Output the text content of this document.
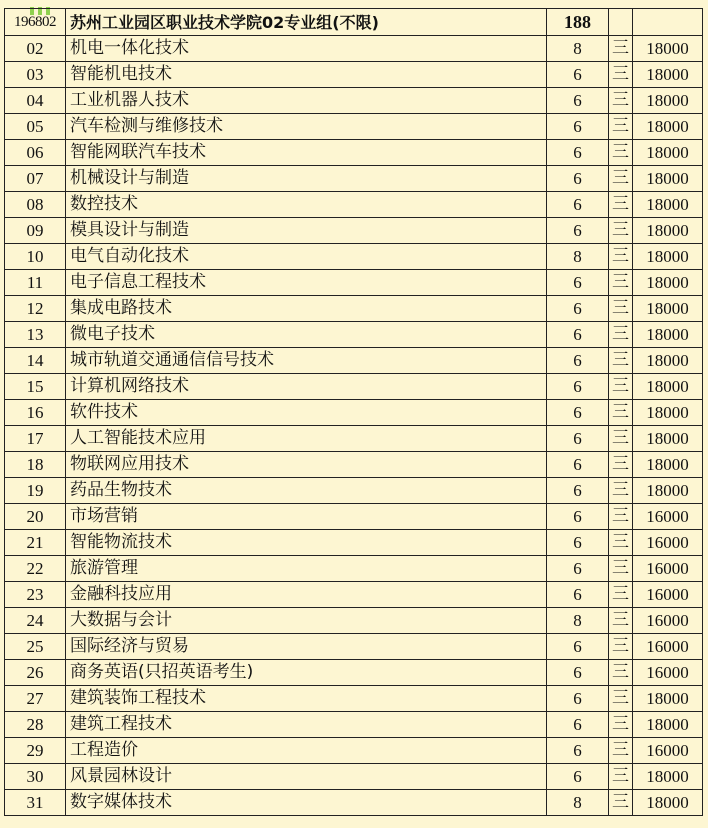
196802	苏州工业园区职业技术学院02专业组(不限)	188		
02	机电一体化技术	8	三	18000
03	智能机电技术	6	三	18000
04	工业机器人技术	6	三	18000
05	汽车检测与维修技术	6	三	18000
06	智能网联汽车技术	6	三	18000
07	机械设计与制造	6	三	18000
08	数控技术	6	三	18000
09	模具设计与制造	6	三	18000
10	电气自动化技术	8	三	18000
11	电子信息工程技术	6	三	18000
12	集成电路技术	6	三	18000
13	微电子技术	6	三	18000
14	城市轨道交通通信信号技术	6	三	18000
15	计算机网络技术	6	三	18000
16	软件技术	6	三	18000
17	人工智能技术应用	6	三	18000
18	物联网应用技术	6	三	18000
19	药品生物技术	6	三	18000
20	市场营销	6	三	16000
21	智能物流技术	6	三	16000
22	旅游管理	6	三	16000
23	金融科技应用	6	三	16000
24	大数据与会计	8	三	16000
25	国际经济与贸易	6	三	16000
26	商务英语(只招英语考生)	6	三	16000
27	建筑装饰工程技术	6	三	18000
28	建筑工程技术	6	三	18000
29	工程造价	6	三	16000
30	风景园林设计	6	三	18000
31	数字媒体技术	8	三	18000
